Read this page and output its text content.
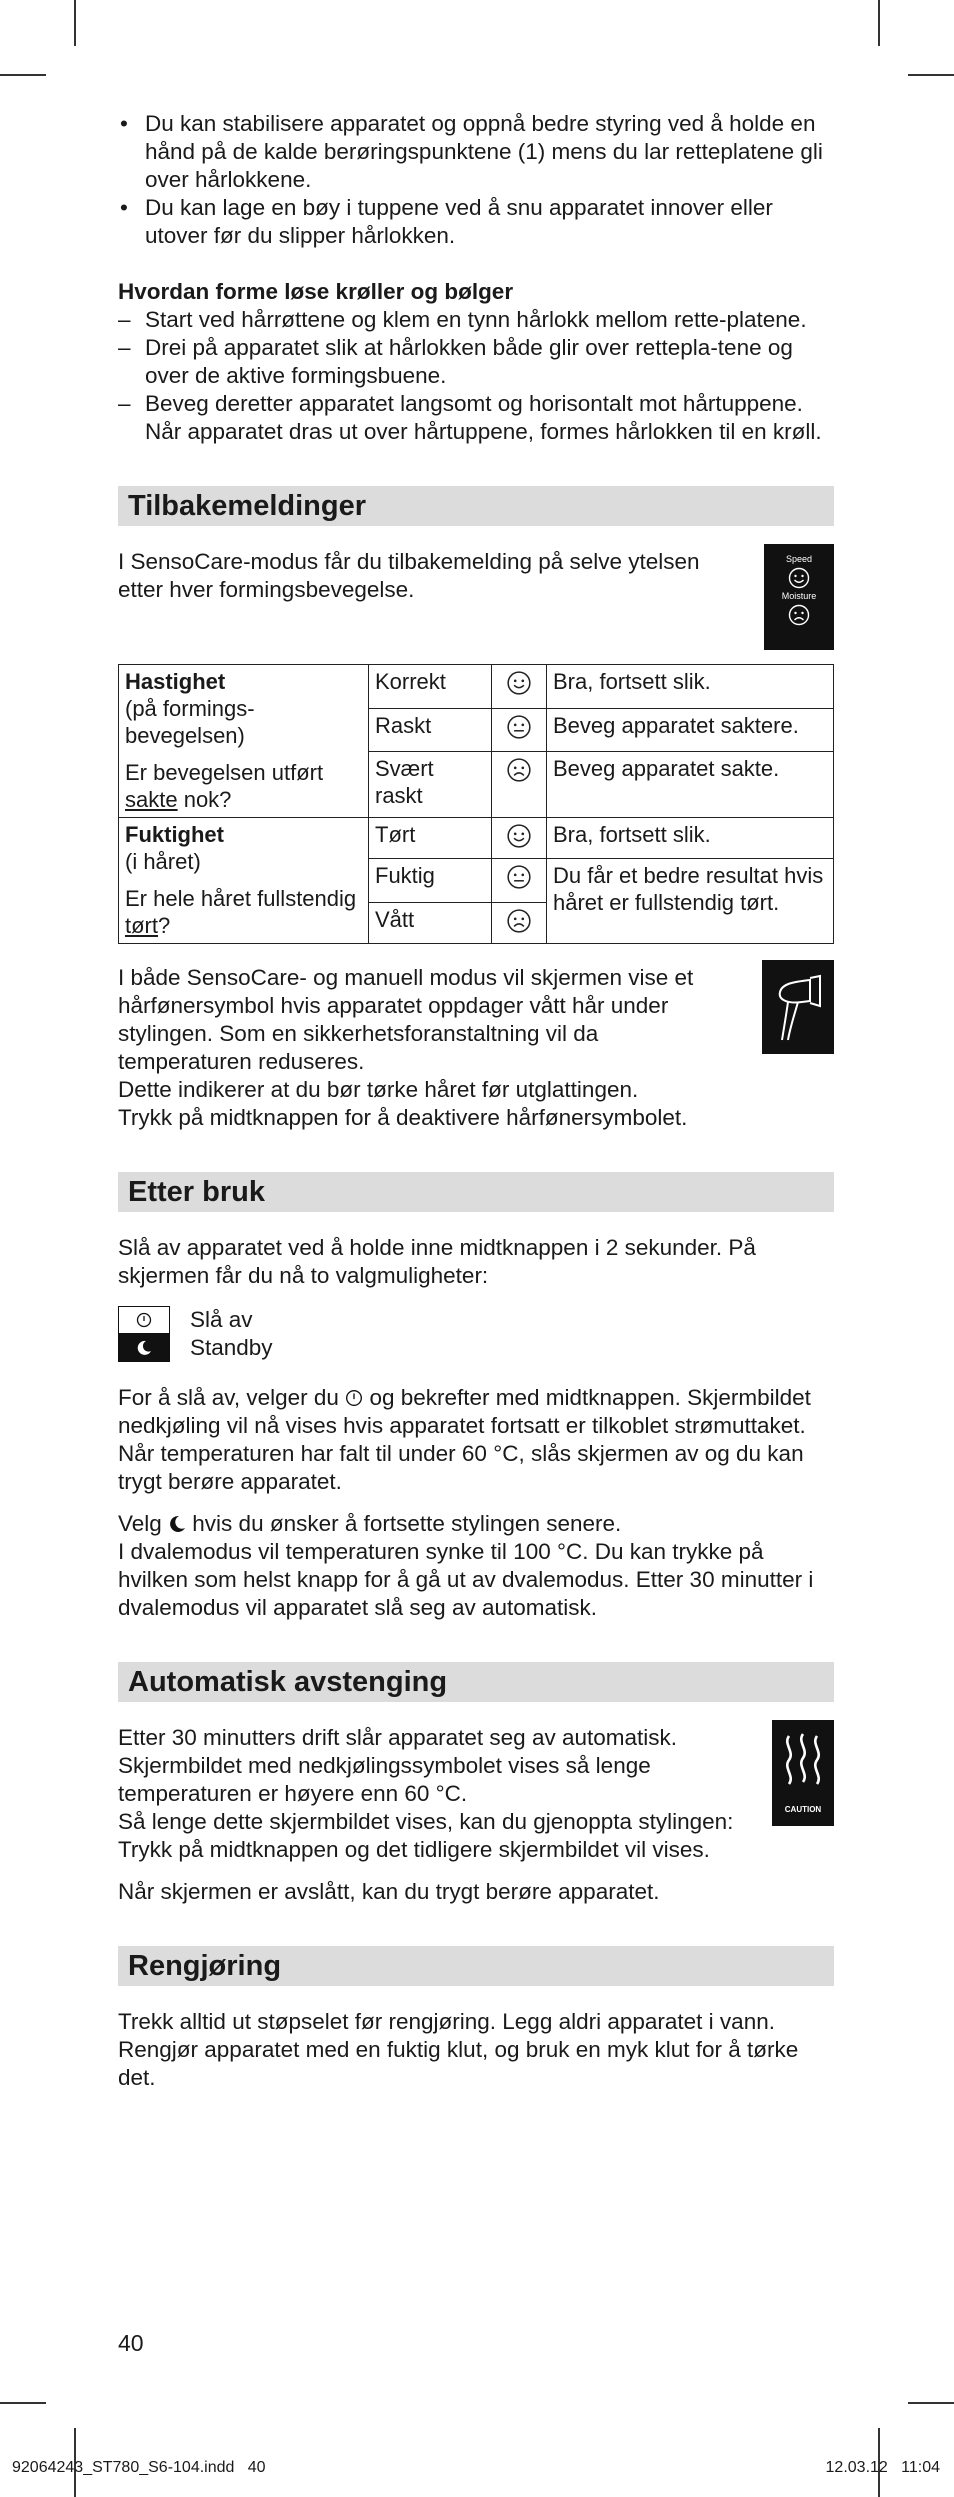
• Du kan stabilisere apparatet og oppnå bedre styring ved å holde en hånd på de kalde berøringspunktene (1) mens du lar retteplatene gli over hårlokkene.
• Du kan lage en bøy i tuppene ved å snu apparatet innover eller utover før du slipper hårlokken.
Hvordan forme løse krøller og bølger
– Start ved hårrøttene og klem en tynn hårlokk mellom rette-platene.
– Drei på apparatet slik at hårlokken både glir over rettepla-tene og over de aktive formingsbuene.
– Beveg deretter apparatet langsomt og horisontalt mot hårtuppene. Når apparatet dras ut over hårtuppene, formes hårlokken til en krøll.
Tilbakemeldinger

I SensoCare-modus får du tilbakemelding på selve ytelsen etter hver formingsbevegelse.

Speed
Moisture
Hastighet
(på formings-bevegelsen)
Er bevegelsen utført sakte nok?	Korrekt		Bra, fortsett slik.
	Raskt		Beveg apparatet saktere.
	Svært raskt		Beveg apparatet sakte.

Fuktighet
(i håret)
Er hele håret fullstendig tørt?	Tørt		Bra, fortsett slik.
	Fuktig		Du får et bedre resultat hvis håret er fullstendig tørt.
	Vått	

I både SensoCare- og manuell modus vil skjermen vise et hårfønersymbol hvis apparatet oppdager vått hår under stylingen. Som en sikkerhetsforanstaltning vil da temperaturen reduseres.

Dette indikerer at du bør tørke håret før utglattingen.

Trykk på midtknappen for å deaktivere hårfønersymbolet.

Etter bruk

Slå av apparatet ved å holde inne midtknappen i 2 sekunder. På skjermen får du nå to valgmuligheter:

Slå av
Standby

For å slå av, velger du  og bekrefter med midtknappen. Skjermbildet nedkjøling vil nå vises hvis apparatet fortsatt er tilkoblet strømuttaket. Når temperaturen har falt til under 60 °C, slås skjermen av og du kan trygt berøre apparatet.

Velg  hvis du ønsker å fortsette stylingen senere.

I dvalemodus vil temperaturen synke til 100 °C. Du kan trykke på hvilken som helst knapp for å gå ut av dvalemodus. Etter 30 minutter i dvalemodus vil apparatet slå seg av automatisk.

Automatisk avstenging

Etter 30 minutters drift slår apparatet seg av automatisk. Skjermbildet med nedkjølingssymbolet vises så lenge temperaturen er høyere enn 60 °C.

Så lenge dette skjermbildet vises, kan du gjenoppta stylingen: Trykk på midtknappen og det tidligere skjermbildet vil vises.

CAUTION

Når skjermen er avslått, kan du trygt berøre apparatet.

Rengjøring

Trekk alltid ut støpselet før rengjøring. Legg aldri apparatet i vann.

Rengjør apparatet med en fuktig klut, og bruk en myk klut for å tørke det.

40
92064243_ST780_S6-104.indd   40	12.03.12   11:04
